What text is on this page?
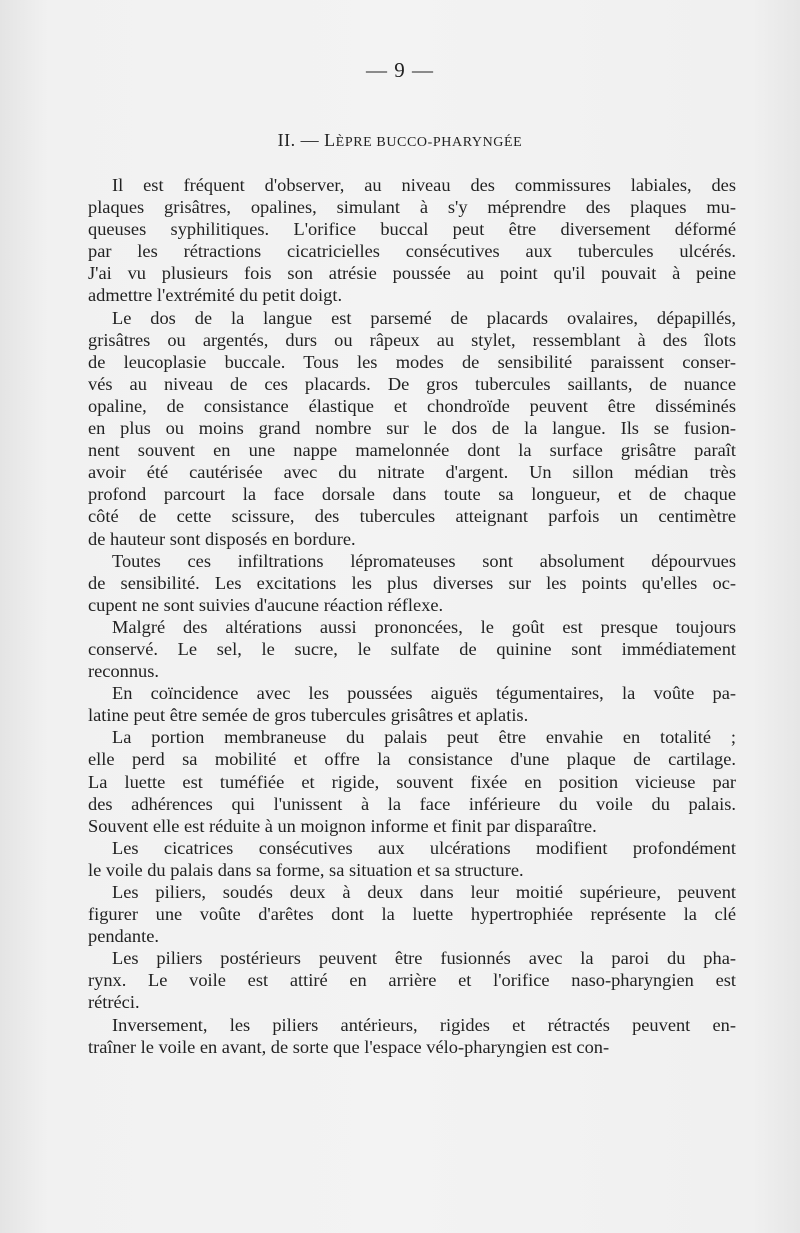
— 9 —
II. — LÈPRE BUCCO-PHARYNGÉE
Il est fréquent d'observer, au niveau des commissures labiales, des
plaques grisâtres, opalines, simulant à s'y méprendre des plaques mu-
queuses syphilitiques. L'orifice buccal peut être diversement déformé
par les rétractions cicatricielles consécutives aux tubercules ulcérés.
J'ai vu plusieurs fois son atrésie poussée au point qu'il pouvait à peine
admettre l'extrémité du petit doigt.
Le dos de la langue est parsemé de placards ovalaires, dépapillés,
grisâtres ou argentés, durs ou râpeux au stylet, ressemblant à des îlots
de leucoplasie buccale. Tous les modes de sensibilité paraissent conser-
vés au niveau de ces placards. De gros tubercules saillants, de nuance
opaline, de consistance élastique et chondroïde peuvent être disséminés
en plus ou moins grand nombre sur le dos de la langue. Ils se fusion-
nent souvent en une nappe mamelonnée dont la surface grisâtre paraît
avoir été cautérisée avec du nitrate d'argent. Un sillon médian très
profond parcourt la face dorsale dans toute sa longueur, et de chaque
côté de cette scissure, des tubercules atteignant parfois un centimètre
de hauteur sont disposés en bordure.
Toutes ces infiltrations lépromateuses sont absolument dépourvues
de sensibilité. Les excitations les plus diverses sur les points qu'elles oc-
cupent ne sont suivies d'aucune réaction réflexe.
Malgré des altérations aussi prononcées, le goût est presque toujours
conservé. Le sel, le sucre, le sulfate de quinine sont immédiatement
reconnus.
En coïncidence avec les poussées aiguës tégumentaires, la voûte pa-
latine peut être semée de gros tubercules grisâtres et aplatis.
La portion membraneuse du palais peut être envahie en totalité ;
elle perd sa mobilité et offre la consistance d'une plaque de cartilage.
La luette est tuméfiée et rigide, souvent fixée en position vicieuse par
des adhérences qui l'unissent à la face inférieure du voile du palais.
Souvent elle est réduite à un moignon informe et finit par disparaître.
Les cicatrices consécutives aux ulcérations modifient profondément
le voile du palais dans sa forme, sa situation et sa structure.
Les piliers, soudés deux à deux dans leur moitié supérieure, peuvent
figurer une voûte d'arêtes dont la luette hypertrophiée représente la clé
pendante.
Les piliers postérieurs peuvent être fusionnés avec la paroi du pha-
rynx. Le voile est attiré en arrière et l'orifice naso-pharyngien est
rétréci.
Inversement, les piliers antérieurs, rigides et rétractés peuvent en-
traîner le voile en avant, de sorte que l'espace vélo-pharyngien est con-
